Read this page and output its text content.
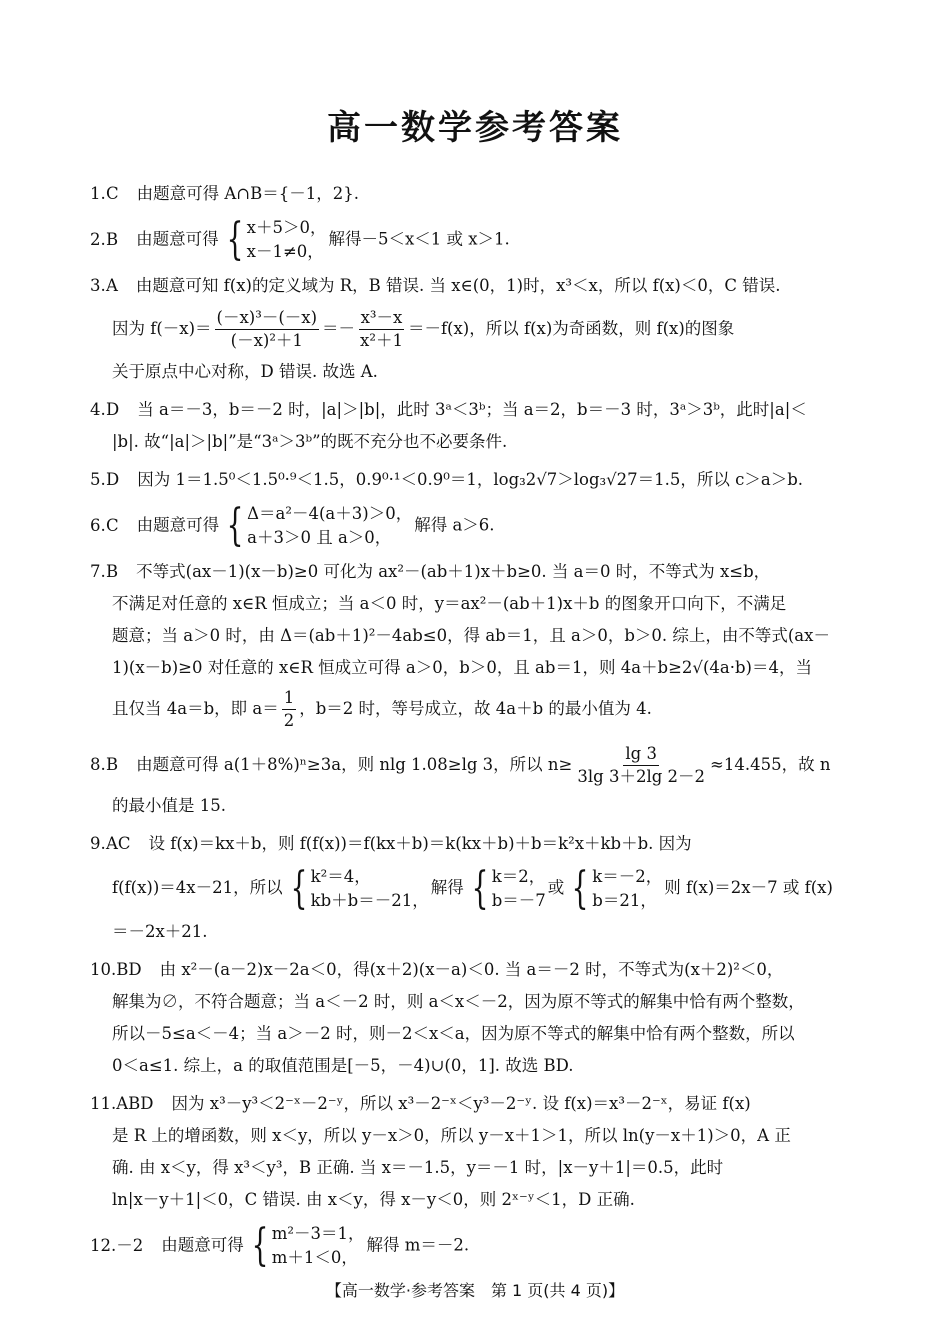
高一数学参考答案
1.C 由题意可得 A∩B＝{－1，2}.
2.B 由题意可得 { x＋5＞0，
x－1≠0，
解得－5＜x＜1 或 x＞1.
3.A 由题意可知 f(x)的定义域为 R，B 错误. 当 x∈(0，1)时，x³＜x，所以 f(x)＜0，C 错误.
因为 $f(-x)= \frac{\text{(－x)³－(－x)}}{\text{(－x)²＋1}} =- \frac{\text{x³－x}}{\text{x²＋1}} =-f(x)$，所以 f(x)为奇函数，则 f(x)的图象
关于原点中心对称，D 错误. 故选 A.
4.D 当 a＝－3，b＝－2 时，|a|＞|b|，此时 3ᵃ＜3ᵇ；当 a＝2，b＝－3 时，3ᵃ＞3ᵇ，此时|a|＜
|b|. 故“|a|＞|b|”是“3ᵃ＞3ᵇ”的既不充分也不必要条件.
5.D 因为 1＝1.5⁰＜1.5⁰·⁹＜1.5，0.9⁰·¹＜0.9⁰＝1，log₃2√7＞log₃√27＝1.5，所以 c＞a＞b.
6.C 由题意可得 { Δ＝a²－4(a＋3)＞0，
a＋3＞0 且 a＞0，
解得 a＞6.
7.B 不等式(ax－1)(x－b)≥0 可化为 ax²－(ab＋1)x＋b≥0. 当 a＝0 时，不等式为 x≤b，
不满足对任意的 x∈R 恒成立；当 a＜0 时，y＝ax²－(ab＋1)x＋b 的图象开口向下，不满足
题意；当 a＞0 时，由 Δ＝(ab＋1)²－4ab≤0，得 ab＝1，且 a＞0，b＞0. 综上，由不等式(ax－
1)(x－b)≥0 对任意的 x∈R 恒成立可得 a＞0，b＞0，且 ab＝1，则 4a＋b≥2√(4a·b)＝4，当
且仅当 4a＝b，即 $a= \frac{1}{2}$ ，b＝2 时，等号成立，故 4a＋b 的最小值为 4.
8.B 由题意可得 a(1＋8%)ⁿ≥3a，则 nlg 1.08≥lg 3，所以 $n\ge \frac{\lg 3}{3\lg 3+2\lg 2-2} \approx 14.455$，故 n
的最小值是 15.
9.AC 设 f(x)＝kx＋b，则 f(f(x))＝f(kx＋b)＝k(kx＋b)＋b＝k²x＋kb＋b. 因为
f(f(x))＝4x－21，所以 { k²＝4，
kb＋b＝－21，
解得 { k＝2，
b＝－7
或 { k＝－2，
b＝21，
则 f(x)＝2x－7 或 f(x)
＝－2x＋21.
10.BD 由 x²－(a－2)x－2a＜0，得(x＋2)(x－a)＜0. 当 a＝－2 时，不等式为(x＋2)²＜0，
解集为∅，不符合题意；当 a＜－2 时，则 a＜x＜－2，因为原不等式的解集中恰有两个整数，
所以－5≤a＜－4；当 a＞－2 时，则－2＜x＜a，因为原不等式的解集中恰有两个整数，所以
0＜a≤1. 综上，a 的取值范围是[－5，－4)∪(0，1]. 故选 BD.
11.ABD 因为 x³－y³＜2⁻ˣ－2⁻ʸ，所以 x³－2⁻ˣ＜y³－2⁻ʸ. 设 f(x)＝x³－2⁻ˣ，易证 f(x)
是 R 上的增函数，则 x＜y，所以 y－x＞0，所以 y－x＋1＞1，所以 ln(y－x＋1)＞0，A 正
确. 由 x＜y，得 x³＜y³，B 正确. 当 x＝－1.5，y＝－1 时，|x－y＋1|＝0.5，此时
ln|x－y＋1|＜0，C 错误. 由 x＜y，得 x－y＜0，则 2ˣ⁻ʸ＜1，D 正确.
12.－2 由题意可得 { m²－3＝1，
m＋1＜0，
解得 m＝－2.
【高一数学·参考答案　第 1 页(共 4 页)】
